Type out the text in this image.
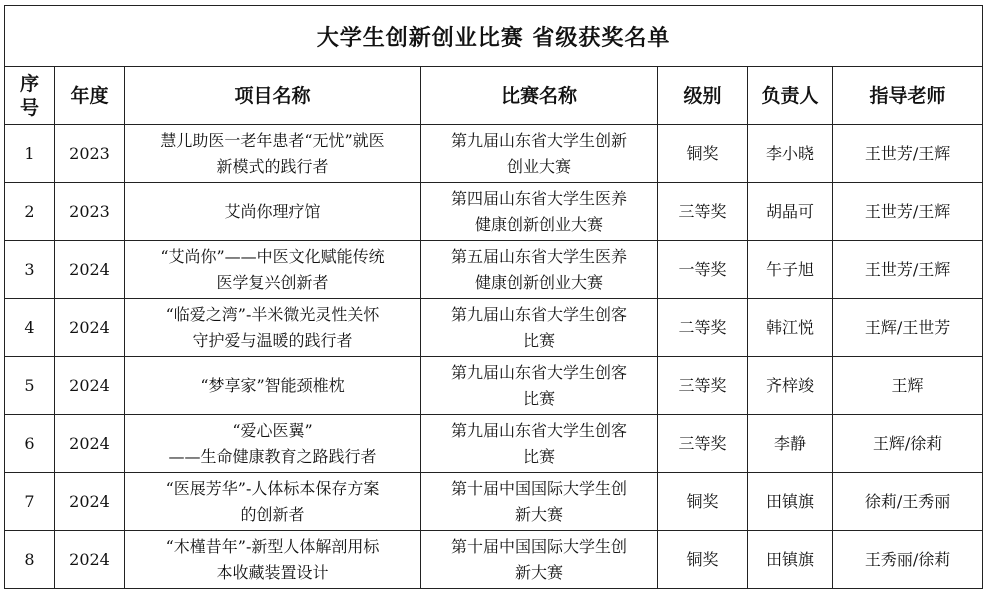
大学生创新创业比赛 省级获奖名单						

序
号	年度	项目名称	比赛名称	级别	负责人	指导老师
1	2023	慧儿助医一老年患者“无忧”就医
新模式的践行者	第九届山东省大学生创新
创业大赛	铜奖	李小晓	王世芳/王辉
2	2023	艾尚你理疗馆	第四届山东省大学生医养
健康创新创业大赛	三等奖	胡晶可	王世芳/王辉
3	2024	“艾尚你”——中医文化赋能传统
医学复兴创新者	第五届山东省大学生医养
健康创新创业大赛	一等奖	午子旭	王世芳/王辉
4	2024	“临爱之湾”-半米微光灵性关怀
守护爱与温暖的践行者	第九届山东省大学生创客
比赛	二等奖	韩江悦	王辉/王世芳
5	2024	“梦享家”智能颈椎枕	第九届山东省大学生创客
比赛	三等奖	齐梓竣	王辉
6	2024	“爱心医翼”
——生命健康教育之路践行者	第九届山东省大学生创客
比赛	三等奖	李静	王辉/徐莉
7	2024	“医展芳华”-人体标本保存方案
的创新者	第十届中国国际大学生创
新大赛	铜奖	田镇旗	徐莉/王秀丽
8	2024	“木槿昔年”-新型人体解剖用标
本收藏装置设计	第十届中国国际大学生创
新大赛	铜奖	田镇旗	王秀丽/徐莉
